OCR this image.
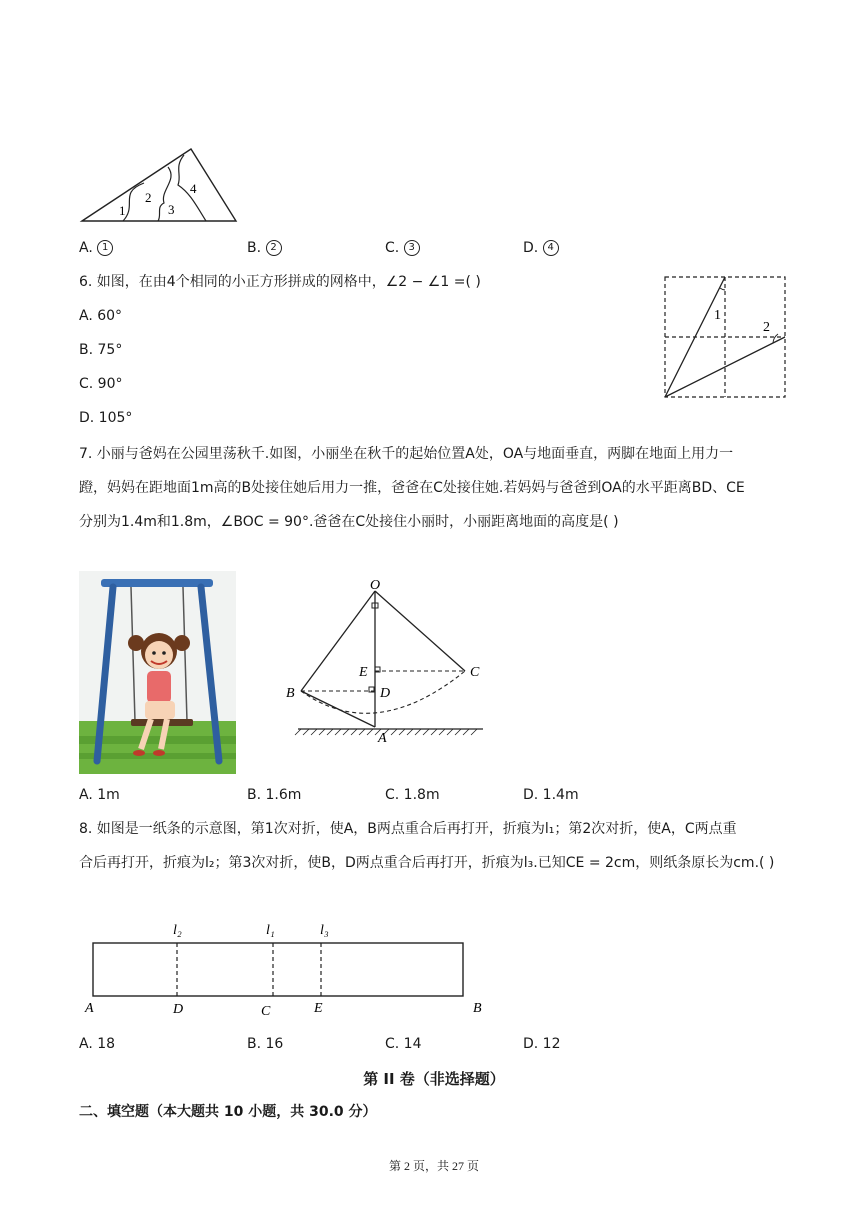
1
2
3
4
A. 1	B. 2	C. 3	D. 4
6. 如图，在由4个相同的小正方形拼成的网格中，∠2 − ∠1 =( )
A. 60°
B. 75°
C. 90°
D. 105°
1
2
7. 小丽与爸妈在公园里荡秋千.如图，小丽坐在秋千的起始位置A处，OA与地面垂直，两脚在地面上用力一
蹬，妈妈在距地面1m高的B处接住她后用力一推，爸爸在C处接住她.若妈妈与爸爸到OA的水平距离BD、CE
分别为1.4m和1.8m，∠BOC = 90°.爸爸在C处接住小丽时，小丽距离地面的高度是( )
O
E	C
B	D
A
A. 1m	B. 1.6m	C. 1.8m	D. 1.4m
8. 如图是一纸条的示意图，第1次对折，使A，B两点重合后再打开，折痕为l₁；第2次对折，使A，C两点重
合后再打开，折痕为l₂；第3次对折，使B，D两点重合后再打开，折痕为l₃.已知CE = 2cm，则纸条原长为cm.( )
l₂	l₁	l₃
A	D	C	E	B
A. 18	B. 16	C. 14	D. 12
第 II 卷（非选择题）
二、填空题（本大题共 10 小题，共 30.0 分）
第 2 页，共 27 页
